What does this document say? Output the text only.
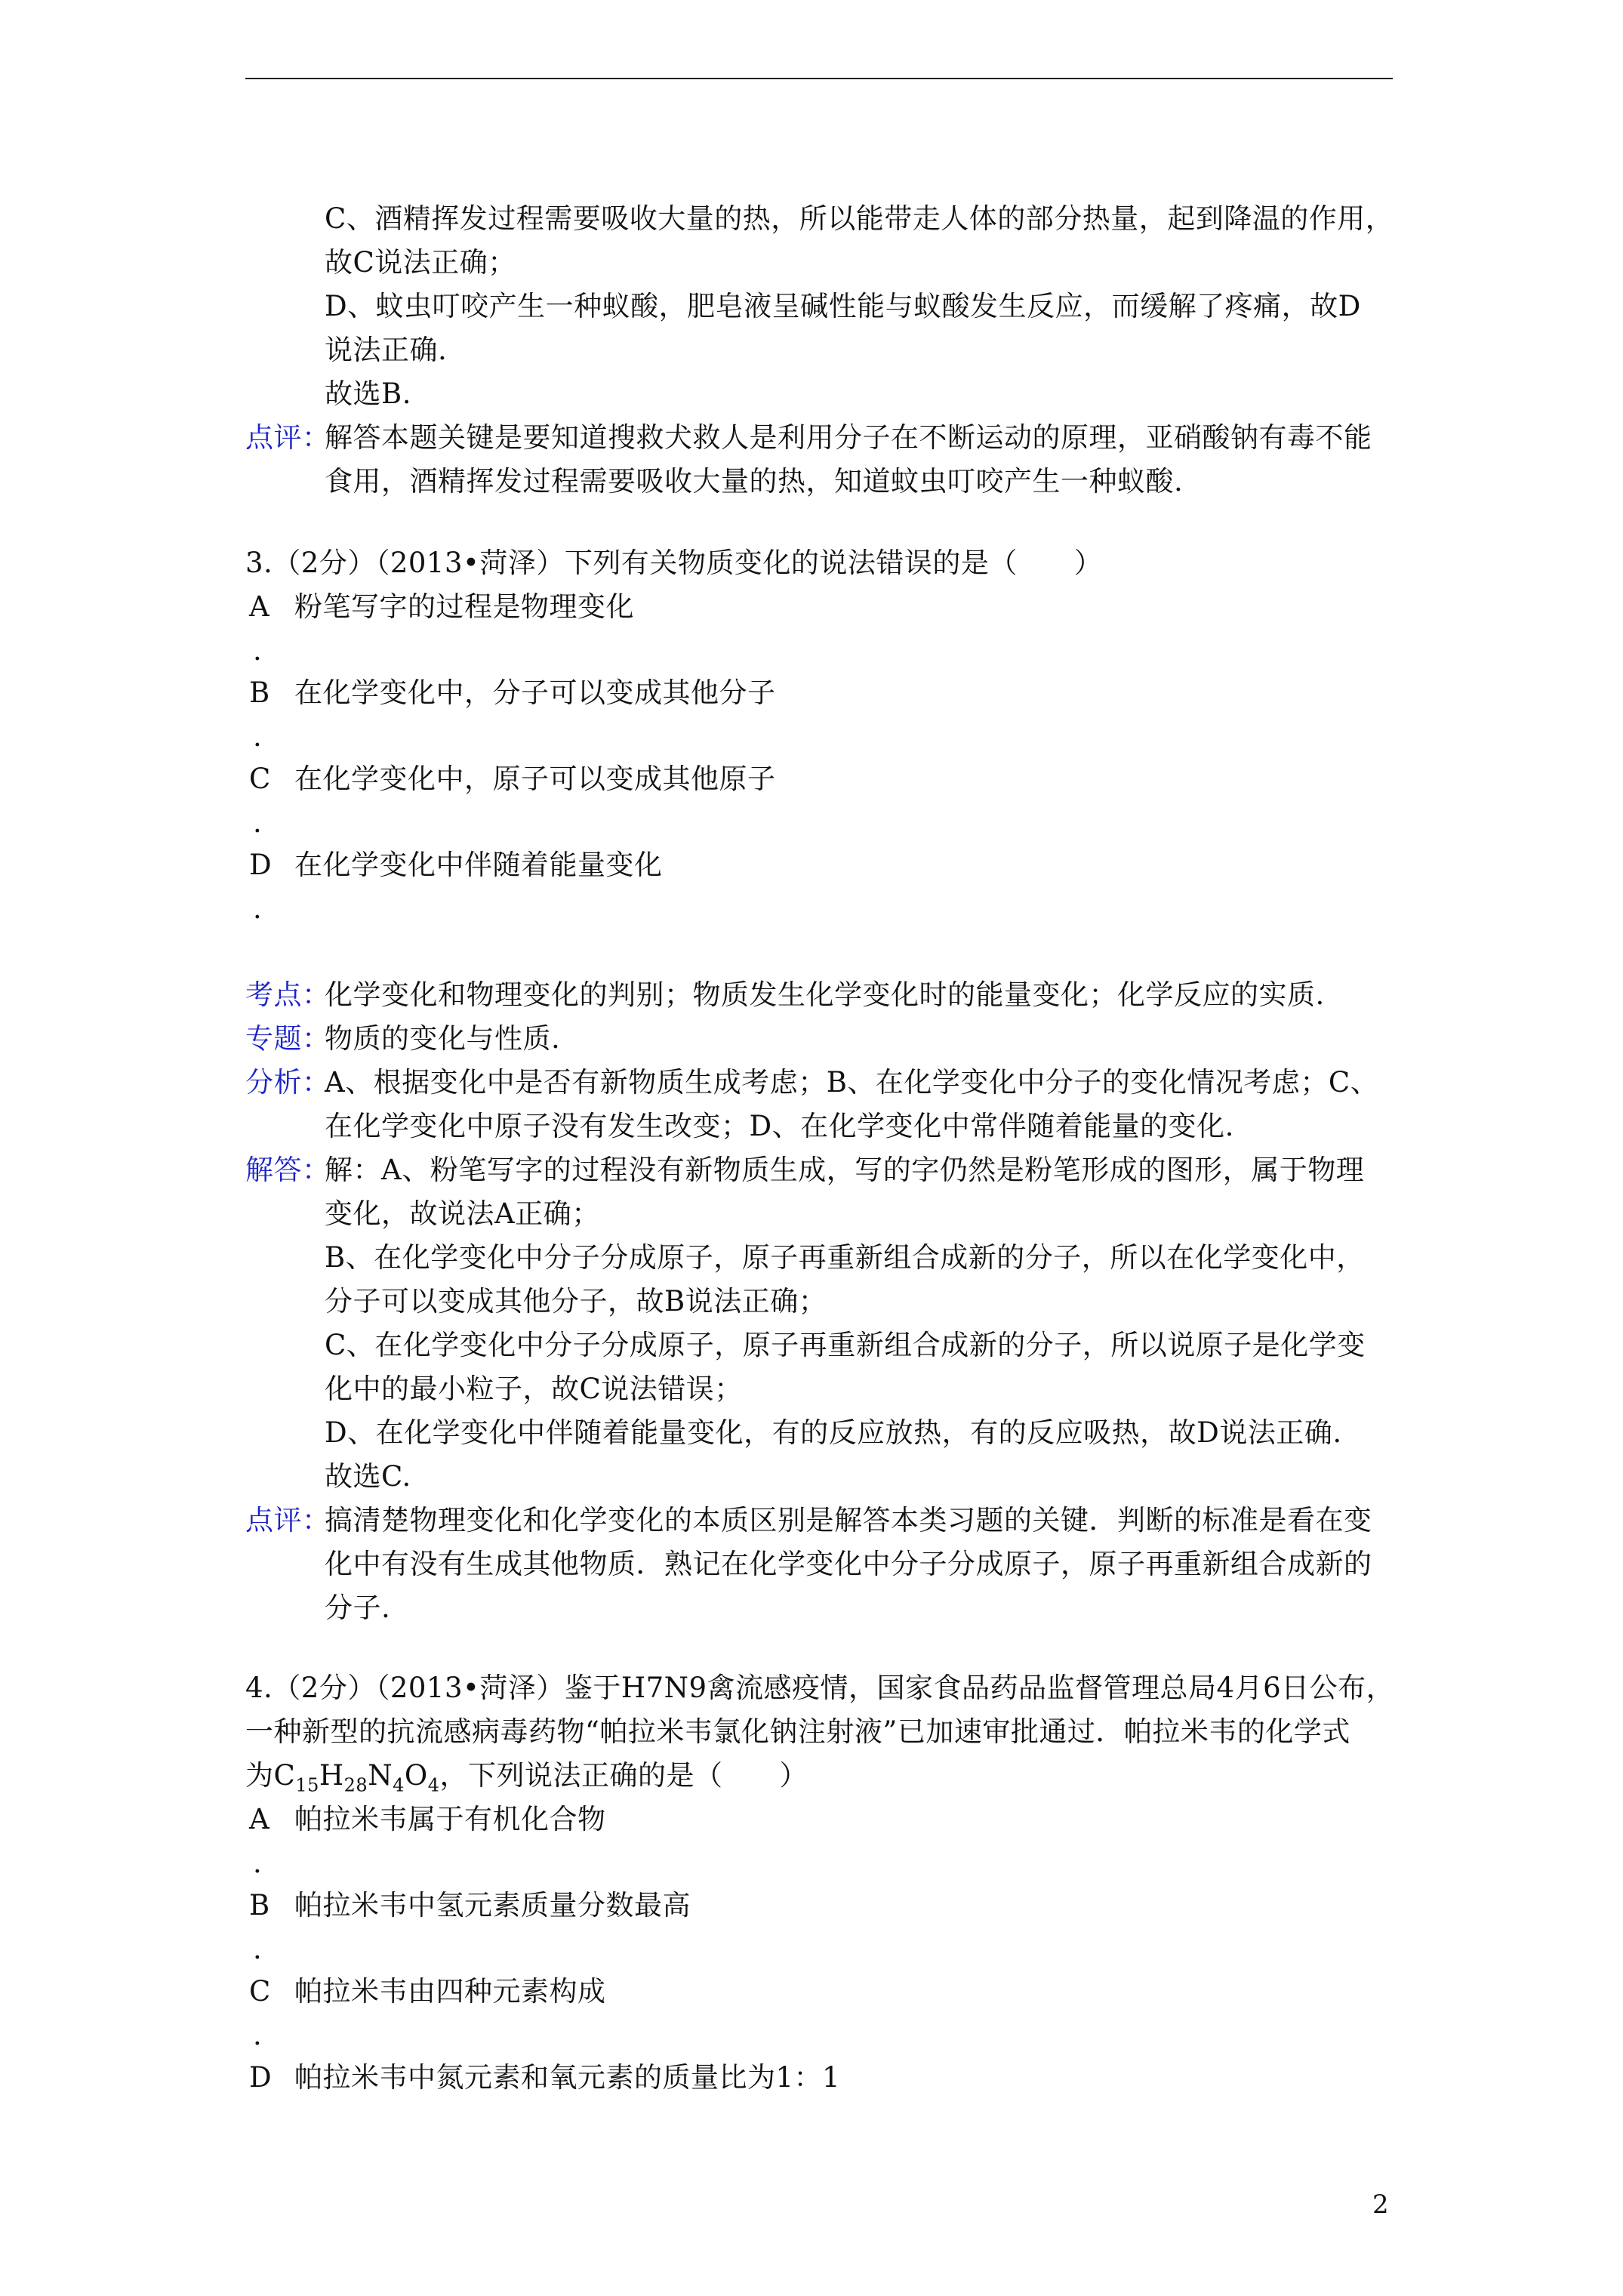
C、酒精挥发过程需要吸收大量的热，所以能带走人体的部分热量，起到降温的作用，
故C说法正确；
D、蚊虫叮咬产生一种蚁酸，肥皂液呈碱性能与蚁酸发生反应，而缓解了疼痛，故D
说法正确.
故选B.
点评：
解答本题关键是要知道搜救犬救人是利用分子在不断运动的原理，亚硝酸钠有毒不能
食用，酒精挥发过程需要吸收大量的热，知道蚊虫叮咬产生一种蚁酸.
3.（2分）（2013•菏泽）下列有关物质变化的说法错误的是（　　）
A 粉笔写字的过程是物理变化
.
B 在化学变化中，分子可以变成其他分子
.
C 在化学变化中，原子可以变成其他原子
.
D 在化学变化中伴随着能量变化
.
考点：
化学变化和物理变化的判别；物质发生化学变化时的能量变化；化学反应的实质.
专题：
物质的变化与性质.
分析：
A、根据变化中是否有新物质生成考虑；B、在化学变化中分子的变化情况考虑；C、
在化学变化中原子没有发生改变；D、在化学变化中常伴随着能量的变化.
解答：
解：A、粉笔写字的过程没有新物质生成，写的字仍然是粉笔形成的图形，属于物理
变化，故说法A正确；
B、在化学变化中分子分成原子，原子再重新组合成新的分子，所以在化学变化中，
分子可以变成其他分子，故B说法正确；
C、在化学变化中分子分成原子，原子再重新组合成新的分子，所以说原子是化学变
化中的最小粒子，故C说法错误；
D、在化学变化中伴随着能量变化，有的反应放热，有的反应吸热，故D说法正确.
故选C.
点评：
搞清楚物理变化和化学变化的本质区别是解答本类习题的关键．判断的标准是看在变
化中有没有生成其他物质．熟记在化学变化中分子分成原子，原子再重新组合成新的
分子.
4.（2分）（2013•菏泽）鉴于H7N9禽流感疫情，国家食品药品监督管理总局4月6日公布，
一种新型的抗流感病毒药物“帕拉米韦氯化钠注射液”已加速审批通过．帕拉米韦的化学式
为$C_{15}H_{28}N_4O_4$，下列说法正确的是（　　）
A 帕拉米韦属于有机化合物
.
B 帕拉米韦中氢元素质量分数最高
.
C 帕拉米韦由四种元素构成
.
D 帕拉米韦中氮元素和氧元素的质量比为1：1
2
